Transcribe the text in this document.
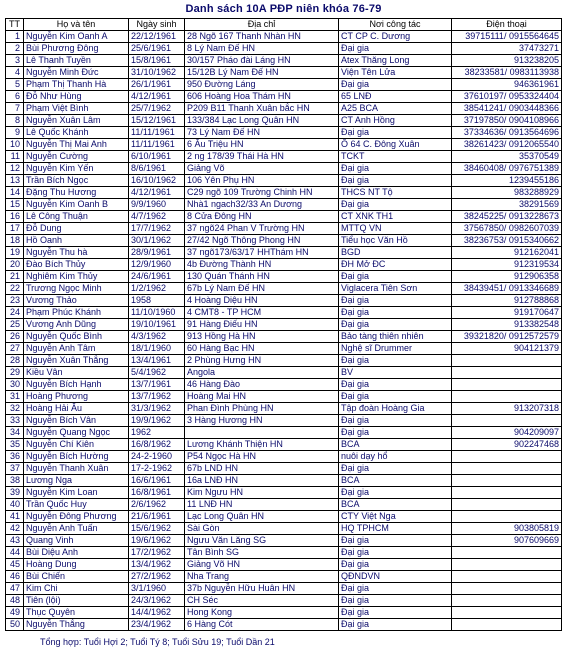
Danh sách 10A PĐP niên khóa 76-79
TT	Họ và tên	Ngày sinh	Địa chỉ	Nơi công tác	Điện thoại
1	Nguyễn Kim Oanh A	22/12/1961	28 Ngõ 167 Thanh Nhàn HN	CT CP C. Dương	39715111/ 0915564645
2	Bùi Phương Đông	25/6/1961	8 Lý Nam Đế HN	Đại gia	37473271
3	Lê Thanh Tuyền	15/8/1961	30/157 Pháo đài Láng HN	Atex Thăng Long	913238205
4	Nguyễn Minh Đức	31/10/1962	15/12B Lý Nam Đế HN	Viện Tên Lửa	38233581/ 0983113938
5	Phạm Thị Thanh Hà	26/1/1961	950 Đường Láng	Đại gia	946361961
6	Đỗ Như Hùng	4/12/1961	606 Hoàng Hoa Thám HN	65 LNĐ	37610197/ 0953324404
7	Phạm Việt Bình	25/7/1962	P209 B11 Thanh Xuân bắc HN	A25 BCA	38541241/ 0903448366
8	Nguyễn Xuân Lâm	15/12/1961	133/384 Lạc Long Quân HN	CT Anh Hồng	37197850/ 0904108966
9	Lê Quốc Khánh	11/11/1961	73 Lý Nam Đế HN	Đại gia	37334636/ 0913564696
10	Nguyễn Thị Mai Anh	11/11/1961	6 Âu Triệu HN	Ô 64 C. Đông Xuân	38261423/ 0912065540
11	Nguyễn Cường	6/10/1961	2 ng 178/39 Thái Hà HN	TCKT	35370549
12	Nguyễn Kim Yến	8/6/1961	Giảng Võ	Đại gia	38460408/ 0976751389
13	Trần Bích Ngọc	16/10/1962	106 Yên Phụ HN	Đại gia	1239455186
14	Đặng Thu Hương	4/12/1961	C29 ngõ 109 Trường Chinh HN	THCS NT Tộ	983288929
15	Nguyễn Kim Oanh B	9/9/1960	Nhà1 ngach32/33 An Dương	Đại gia	38291569
16	Lê Công Thuận	4/7/1962	8 Cửa Đông HN	CT XNK TH1	38245225/ 0913228673
17	Đỗ Dung	17/7/1962	37 ngõ24 Phan V Trường HN	MTTQ VN	37567850/ 0982607039
18	Hồ Oanh	30/1/1962	27/42 Ngõ Thông Phong HN	Tiểu học Văn Hồ	38236753/ 0915340662
19	Nguyễn Thu hà	28/9/1961	37 ngõ173/63/17 HHThám HN	BGD	912162041
20	Đào Bích Thủy	12/9/1960	4b Đường Thành HN	ĐH Mở ĐC	912319534
21	Nghiêm Kim Thủy	24/6/1961	130 Quán Thánh HN	Đại gia	912906358
22	Trương Ngọc Minh	1/2/1962	67b Lý Nam Đế HN	Viglacera Tiên Sơn	38439451/ 0913346689
23	Vương Thảo	1958	4 Hoàng Diệu HN	Đại gia	912788868
24	Phạm Phúc Khánh	11/10/1960	4 CMT8 - TP HCM	Đại gia	919170647
25	Vương Anh Dũng	19/10/1961	91 Hàng Điếu HN	Đại gia	913382548
26	Nguyễn Quốc Bình	4/3/1962	913 Hồng Hà HN	Bảo tàng thiên nhiên	39321820/ 0912572579
27	Nguyễn Anh Tâm	18/1/1960	60 Hàng Bạc HN	Nghệ sĩ Drummer	904121379
28	Nguyễn Xuân Thắng	13/4/1961	2 Phùng Hưng HN	Đại gia	
29	Kiều Vân	5/4/1962	Angola	BV	
30	Nguyễn Bích Hạnh	13/7/1961	46 Hàng Đào	Đại gia	
31	Hoàng Phương	13/7/1962	Hoàng Mai HN	Đại gia	
32	Hoàng Hải Âu	31/3/1962	Phan Đình Phùng HN	Tập đoàn Hoàng Gia	913207318
33	Nguyễn Bích Vân	19/9/1962	3 Hàng Hương HN	Đại gia	
34	Nguyễn Quang Ngọc	1962		Đại gia	904209097
35	Nguyễn Chí Kiên	16/8/1962	Lương Khánh Thiện HN	BCA	902247468
36	Nguyễn Bích Hường	24-2-1960	P54 Ngọc Hà HN	nuôi dạy hổ	
37	Nguyễn Thanh Xuân	17-2-1962	67b LND HN	Đại gia	
38	Lương Nga	16/6/1961	16a LNĐ HN	BCA	
39	Nguyễn Kim Loan	16/8/1961	Kim Ngưu HN	Đại gia	
40	Trần Quốc Huy	2/6/1962	11 LNĐ HN	BCA	
41	Nguyễn Đông Phương	21/6/1961	Lạc Long Quân HN	CTY Việt Nga	
42	Nguyễn Anh Tuấn	15/6/1962	Sài Gòn	HQ TPHCM	903805819
43	Quang Vinh	19/6/1962	Ngưu Văn Lăng SG	Đại gia	907609669
44	Bùi Diệu Anh	17/2/1962	Tân Bình SG	Đại gia	
45	Hoàng Dung	13/4/1962	Giảng Võ HN	Đại gia	
46	Bùi Chiến	27/2/1962	Nha Trang	QĐNDVN	
47	Kim Chi	3/1/1960	37b Nguyễn Hữu Huân HN	Đại gia	
48	Tiên (lội)	24/3/1962	CH Séc	Đại gia	
49	Thục Quyên	14/4/1962	Hong Kong	Đại gia	
50	Nguyễn Thắng	23/4/1962	6 Hàng Cót	Đại gia	
Tổng hợp: Tuổi Hợi 2; Tuổi Tý 8; Tuổi Sửu 19; Tuổi Dần 21
